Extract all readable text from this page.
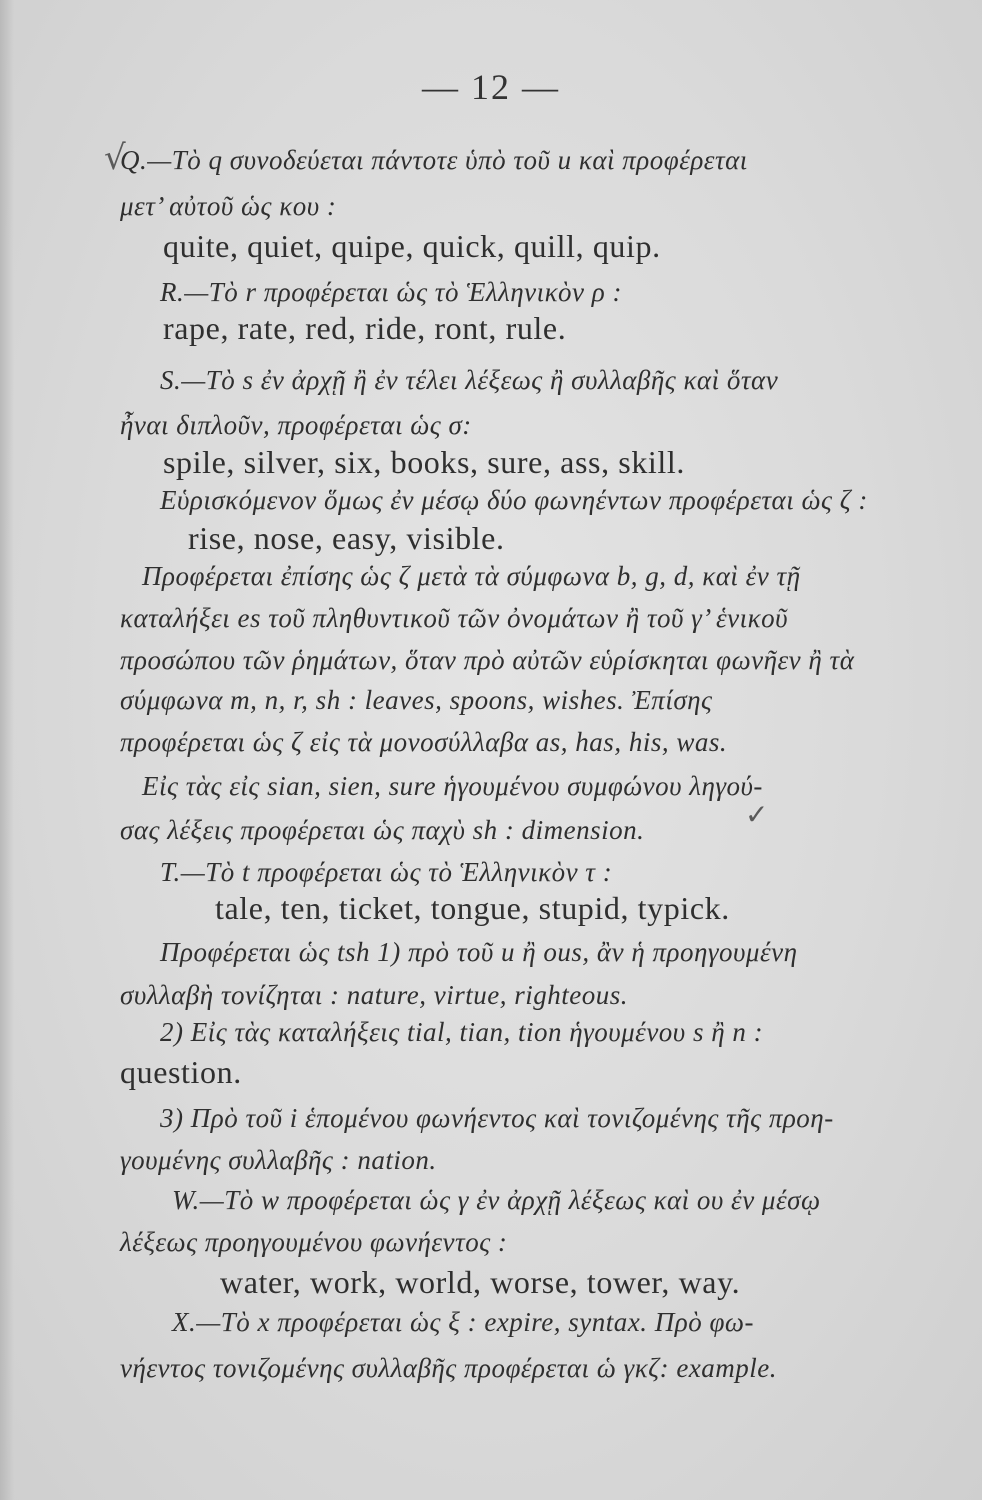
— 12 —
√
✓
Q.—Τὸ q συνοδεύεται πάντοτε ὑπὸ τοῦ u καὶ προφέρεται
μετ’ αὐτοῦ ὡς κου :
quite, quiet, quipe, quick, quill, quip.
R.—Τὸ r προφέρεται ὡς τὸ Ἑλληνικὸν ρ :
rape, rate, red, ride, ront, rule.
S.—Τὸ s ἐν ἀρχῇ ἢ ἐν τέλει λέξεως ἢ συλλαβῆς καὶ ὅταν
ἦναι διπλοῦν, προφέρεται ὡς σ:
spile, silver, six, books, sure, ass, skill.
Εὑρισκόμενον ὅμως ἐν μέσῳ δύο φωνηέντων προφέρεται ὡς ζ :
rise, nose, easy, visible.
Προφέρεται ἐπίσης ὡς ζ μετὰ τὰ σύμφωνα b, g, d, καὶ ἐν τῇ
καταλήξει es τοῦ πληθυντικοῦ τῶν ὀνομάτων ἢ τοῦ γ’ ἑνικοῦ
προσώπου τῶν ῥημάτων, ὅταν πρὸ αὐτῶν εὑρίσκηται φωνῆεν ἢ τὰ
σύμφωνα m, n, r, sh : leaves, spoons, wishes. Ἐπίσης
προφέρεται ὡς ζ εἰς τὰ μονοσύλλαβα as, has, his, was.
Εἰς τὰς εἰς sian, sien, sure ἡγουμένου συμφώνου ληγού-
σας λέξεις προφέρεται ὡς παχὺ sh : dimension.
T.—Τὸ t προφέρεται ὡς τὸ Ἑλληνικὸν τ :
tale, ten, ticket, tongue, stupid, typick.
Προφέρεται ὡς tsh 1) πρὸ τοῦ u ἢ ous, ἂν ἡ προηγουμένη
συλλαβὴ τονίζηται : nature, virtue, righteous.
2) Εἰς τὰς καταλήξεις tial, tian, tion ἡγουμένου s ἢ n :
question.
3) Πρὸ τοῦ i ἑπομένου φωνήεντος καὶ τονιζομένης τῆς προη-
γουμένης συλλαβῆς : nation.
W.—Τὸ w προφέρεται ὡς γ ἐν ἀρχῇ λέξεως καὶ ου ἐν μέσῳ
λέξεως προηγουμένου φωνήεντος :
water, work, world, worse, tower, way.
X.—Τὸ x προφέρεται ὡς ξ : expire, syntax. Πρὸ φω-
νήεντος τονιζομένης συλλαβῆς προφέρεται ὡ γκζ: example.
